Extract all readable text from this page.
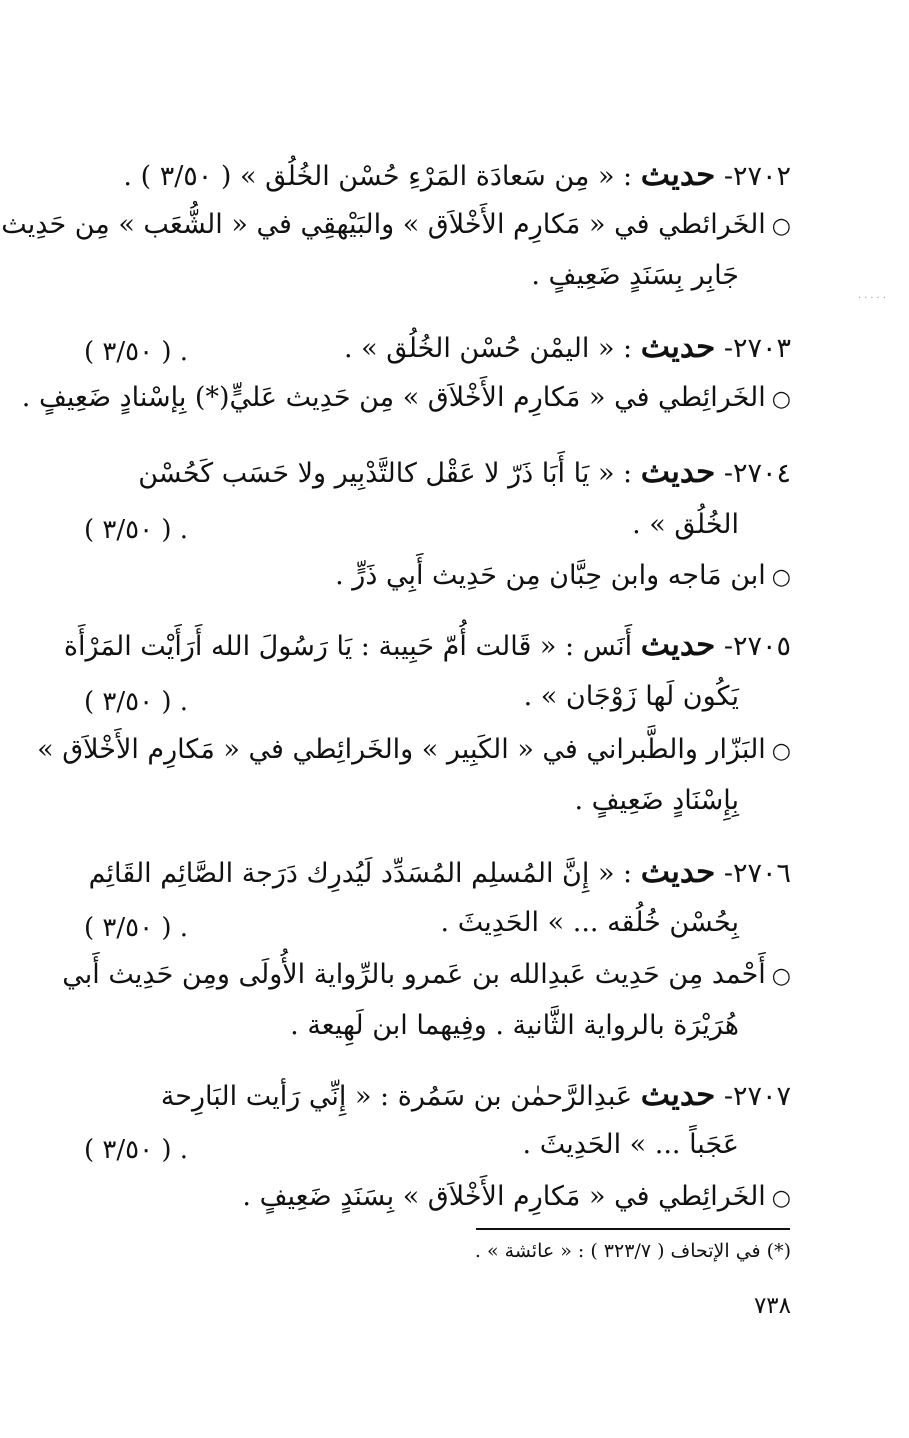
٢٧٠٢- حديث : « مِن سَعادَة المَرْءِ حُسْن الخُلُق » ( ٣/٥٠ ) .
○الخَرائطي في « مَكارِم الأَخْلاَق » والبَيْهقِي في « الشُّعَب » مِن حَدِيث
جَابِر بِسَنَدٍ ضَعِيفٍ .
٢٧٠٣- حديث : « اليمْن حُسْن الخُلُق » .
( ٣/٥٠ ) .
○الخَرائِطي في « مَكارِم الأَخْلاَق » مِن حَدِيث عَليٍّ(*) بِإسْنادٍ ضَعِيفٍ .
٢٧٠٤- حديث : « يَا أَبَا ذَرّ لا عَقْل كالتَّدْبِير ولا حَسَب كَحُسْن
الخُلُق » .
( ٣/٥٠ ) .
○ابن مَاجه وابن حِبَّان مِن حَدِيث أَبِي ذَرٍّ .
٢٧٠٥- حديث أَنَس : « قَالت أُمّ حَبِيبة : يَا رَسُولَ الله أَرَأَيْت المَرْأَة
يَكُون لَها زَوْجَان » .
( ٣/٥٠ ) .
○البَزّار والطَّبراني في « الكَبِير » والخَرائِطي في « مَكارِم الأَخْلاَق »
بِإِسْنَادٍ ضَعِيفٍ .
٢٧٠٦- حديث : « إِنَّ المُسلِم المُسَدِّد لَيُدرِك دَرَجة الصَّائِم القَائِم
بِحُسْن خُلُقه ... » الحَدِيثَ .
( ٣/٥٠ ) .
○أَحْمد مِن حَدِيث عَبدِالله بن عَمرو بالرِّواية الأُولَى ومِن حَدِيث أَبي
هُرَيْرَة بالرواية الثَّانية . وفِيهما ابن لَهِيعة .
٢٧٠٧- حديث عَبدِالرَّحمٰن بن سَمُرة : « إِنِّي رَأيت البَارِحة
عَجَباً ... » الحَدِيثَ .
( ٣/٥٠ ) .
○الخَرائِطي في « مَكارِم الأَخْلاَق » بِسَنَدٍ ضَعِيفٍ .
(*) في الإتحاف ( ٣٢٣/٧ ) : « عائشة » .
٧٣٨
.....
